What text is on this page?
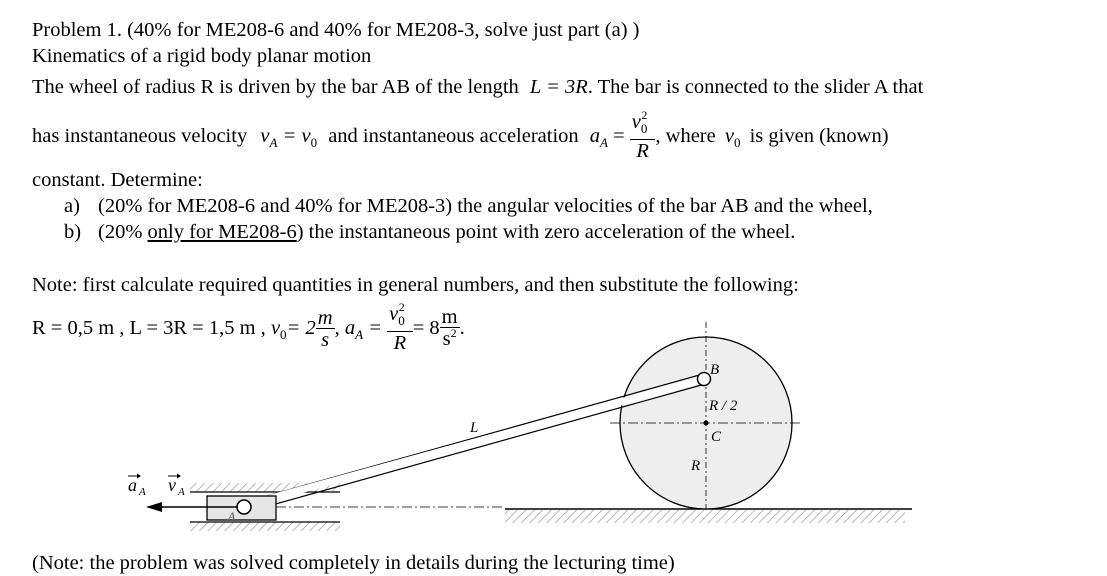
Problem 1. (40% for ME208-6 and 40% for ME208-3, solve just part (a) )
Kinematics of a rigid body planar motion
The wheel of radius R is driven by the bar AB of the length L = 3R. The bar is connected to the slider A that
has instantaneous velocity $v_A = v_0$ and instantaneous acceleration $a_A = \frac{v_0^2}{R}$ , where $v_0$ is given (known)
constant. Determine:
a) (20% for ME208-6 and 40% for ME208-3) the angular velocities of the bar AB and the wheel,
b) (20% only for ME208-6) the instantaneous point with zero acceleration of the wheel.
Note: first calculate required quantities in general numbers, and then substitute the following:
R = 0,5 m , L = 3R = 1,5 m , $v_0= 2 \frac{m}{s}$ , $a_A = \frac{v_0^2}{R} = 8 \frac{m}{s^2}$ .
B
R / 2
C
R
L
A
a A v A
(Note: the problem was solved completely in details during the lecturing time)
